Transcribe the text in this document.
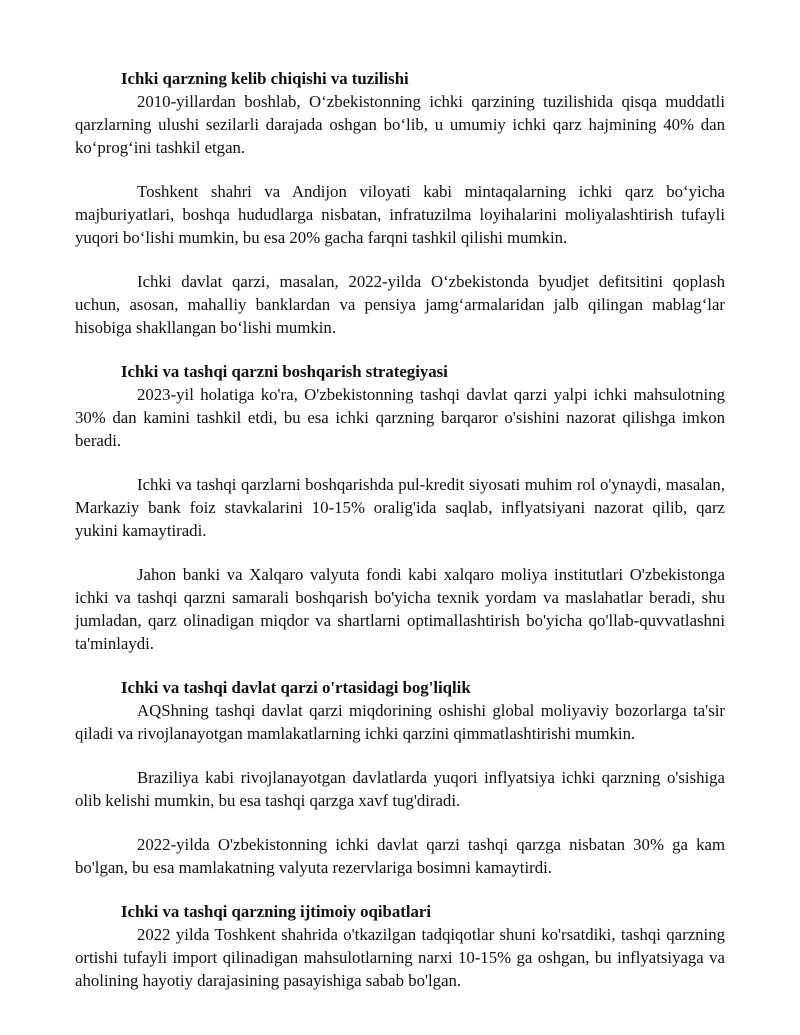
Ichki qarzning kelib chiqishi va tuzilishi

2010-yillardan boshlab, O‘zbekistonning ichki qarzining tuzilishida qisqa muddatli qarzlarning ulushi sezilarli darajada oshgan bo‘lib, u umumiy ichki qarz hajmining 40% dan ko‘prog‘ini tashkil etgan.

Toshkent shahri va Andijon viloyati kabi mintaqalarning ichki qarz bo‘yicha majburiyatlari, boshqa hududlarga nisbatan, infratuzilma loyihalarini moliyalashtirish tufayli yuqori bo‘lishi mumkin, bu esa 20% gacha farqni tashkil qilishi mumkin.

Ichki davlat qarzi, masalan, 2022-yilda O‘zbekistonda byudjet defitsitini qoplash uchun, asosan, mahalliy banklardan va pensiya jamg‘armalaridan jalb qilingan mablag‘lar hisobiga shakllangan bo‘lishi mumkin.

Ichki va tashqi qarzni boshqarish strategiyasi

2023-yil holatiga ko'ra, O'zbekistonning tashqi davlat qarzi yalpi ichki mahsulotning 30% dan kamini tashkil etdi, bu esa ichki qarzning barqaror o'sishini nazorat qilishga imkon beradi.

Ichki va tashqi qarzlarni boshqarishda pul-kredit siyosati muhim rol o'ynaydi, masalan, Markaziy bank foiz stavkalarini 10-15% oralig'ida saqlab, inflyatsiyani nazorat qilib, qarz yukini kamaytiradi.

Jahon banki va Xalqaro valyuta fondi kabi xalqaro moliya institutlari O'zbekistonga ichki va tashqi qarzni samarali boshqarish bo'yicha texnik yordam va maslahatlar beradi, shu jumladan, qarz olinadigan miqdor va shartlarni optimallashtirish bo'yicha qo'llab-quvvatlashni ta'minlaydi.

Ichki va tashqi davlat qarzi o'rtasidagi bog'liqlik

AQShning tashqi davlat qarzi miqdorining oshishi global moliyaviy bozorlarga ta'sir qiladi va rivojlanayotgan mamlakatlarning ichki qarzini qimmatlashtirishi mumkin.

Braziliya kabi rivojlanayotgan davlatlarda yuqori inflyatsiya ichki qarzning o'sishiga olib kelishi mumkin, bu esa tashqi qarzga xavf tug'diradi.

2022-yilda O'zbekistonning ichki davlat qarzi tashqi qarzga nisbatan 30% ga kam bo'lgan, bu esa mamlakatning valyuta rezervlariga bosimni kamaytirdi.

Ichki va tashqi qarzning ijtimoiy oqibatlari

2022 yilda Toshkent shahrida o'tkazilgan tadqiqotlar shuni ko'rsatdiki, tashqi qarzning ortishi tufayli import qilinadigan mahsulotlarning narxi 10-15% ga oshgan, bu inflyatsiyaga va aholining hayotiy darajasining pasayishiga sabab bo'lgan.
